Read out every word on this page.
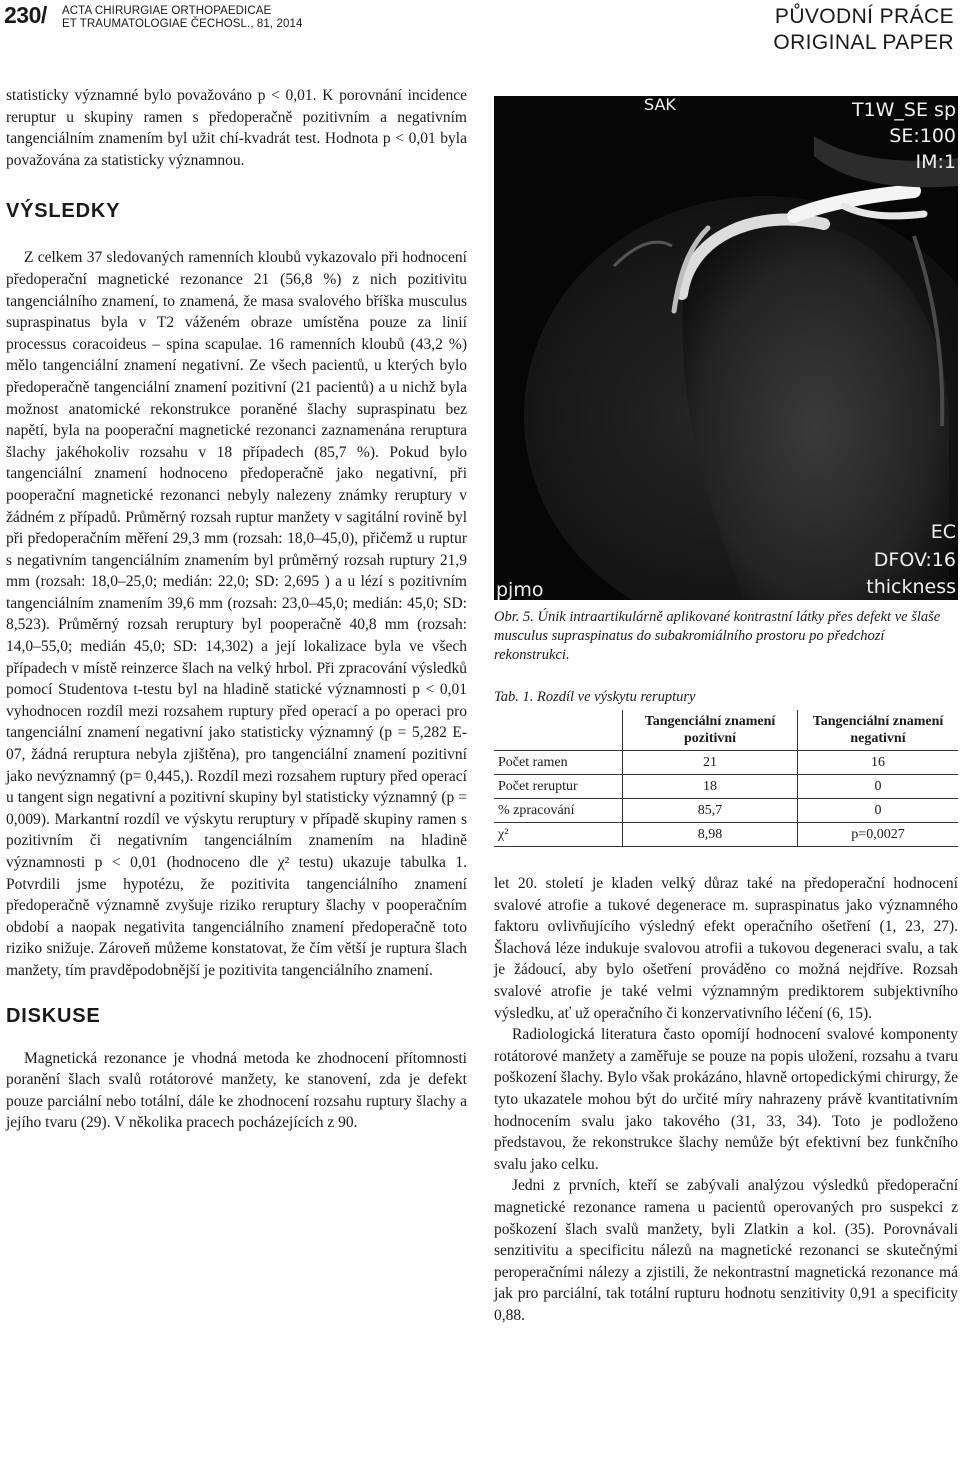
230/ ACTA CHIRURGIAE ORTHOPAEDICAE
ET TRAUMATOLOGIAE ČECHOSL., 81, 2014	PŮVODNÍ PRÁCE
ORIGINAL PAPER

statisticky významné bylo považováno p < 0,01. K porovnání incidence reruptur u skupiny ramen s předoperačně pozitivním a negativním tangenciálním znamením byl užit chí-kvadrát test. Hodnota p < 0,01 byla považována za statisticky významnou.

VÝSLEDKY

Z celkem 37 sledovaných ramenních kloubů vykazovalo při hodnocení předoperační magnetické rezonance 21 (56,8 %) z nich pozitivitu tangenciálního znamení, to znamená, že masa svalového bříška musculus supraspinatus byla v T2 váženém obraze umístěna pouze za linií processus coracoideus – spina scapulae. 16 ramenních kloubů (43,2 %) mělo tangenciální znamení negativní. Ze všech pacientů, u kterých bylo předoperačně tangenciální znamení pozitivní (21 pacientů) a u nichž byla možnost anatomické rekonstrukce poraněné šlachy supraspinatu bez napětí, byla na pooperační magnetické rezonanci zaznamenána reruptura šlachy jakéhokoliv rozsahu v 18 případech (85,7 %). Pokud bylo tangenciální znamení hodnoceno předoperačně jako negativní, při pooperační magnetické rezonanci nebyly nalezeny známky reruptury v žádném z případů. Průměrný rozsah ruptur manžety v sagitální rovině byl při předoperačním měření 29,3 mm (rozsah: 18,0–45,0), přičemž u ruptur s negativním tangenciálním znamením byl průměrný rozsah ruptury 21,9 mm (rozsah: 18,0–25,0; medián: 22,0; SD: 2,695 ) a u lézí s pozitivním tangenciálním znamením 39,6 mm (rozsah: 23,0–45,0; medián: 45,0; SD: 8,523). Průměrný rozsah reruptury byl pooperačně 40,8 mm (rozsah: 14,0–55,0; medián 45,0; SD: 14,302) a její lokalizace byla ve všech případech v místě reinzerce šlach na velký hrbol. Při zpracování výsledků pomocí Studentova t-testu byl na hladině statické významnosti p < 0,01 vyhodnocen rozdíl mezi rozsahem ruptury před operací a po operaci pro tangenciální znamení negativní jako statisticky významný (p = 5,282 E-07, žádná reruptura nebyla zjištěna), pro tangenciální znamení pozitivní jako nevýznamný (p= 0,445,). Rozdíl mezi rozsahem ruptury před operací u tangent sign negativní a pozitivní skupiny byl statisticky významný (p = 0,009). Markantní rozdíl ve výskytu reruptury v případě skupiny ramen s pozitivním či negativním tangenciálním znamením na hladině významnosti p < 0,01 (hodnoceno dle χ² testu) ukazuje tabulka 1. Potvrdili jsme hypotézu, že pozitivita tangenciálního znamení předoperačně významně zvyšuje riziko reruptury šlachy v pooperačním období a naopak negativita tangenciálního znamení předoperačně toto riziko snižuje. Zároveň můžeme konstatovat, že čím větší je ruptura šlach manžety, tím pravděpodobnější je pozitivita tangenciálního znamení.

DISKUSE

Magnetická rezonance je vhodná metoda ke zhodnocení přítomnosti poranění šlach svalů rotátorové manžety, ke stanovení, zda je defekt pouze parciální nebo totální, dále ke zhodnocení rozsahu ruptury šlachy a jejího tvaru (29). V několika pracech pocházejících z 90.

SAK	T1W_SE sp
SE:100
IM:1
pjmo
EC
DFOV:16
thickness
Obr. 5. Únik intraartikulárně aplikované kontrastní látky přes defekt ve šlaše musculus supraspinatus do subakromiálního prostoru po předchozí rekonstrukci.
Tab. 1. Rozdíl ve výskytu reruptury
	Tangenciální znamení pozitivní	Tangenciální znamení negativní
Počet ramen	21	16
Počet reruptur	18	0
% zpracování	85,7	0
χ²	8,98	p=0,0027

let 20. století je kladen velký důraz také na předoperační hodnocení svalové atrofie a tukové degenerace m. supraspinatus jako významného faktoru ovlivňujícího výsledný efekt operačního ošetření (1, 23, 27). Šlachová léze indukuje svalovou atrofii a tukovou degeneraci svalu, a tak je žádoucí, aby bylo ošetření prováděno co možná nejdříve. Rozsah svalové atrofie je také velmi významným prediktorem subjektivního výsledku, ať už operačního či konzervativního léčení (6, 15).

Radiologická literatura často opomíjí hodnocení svalové komponenty rotátorové manžety a zaměřuje se pouze na popis uložení, rozsahu a tvaru poškození šlachy. Bylo však prokázáno, hlavně ortopedickými chirurgy, že tyto ukazatele mohou být do určité míry nahrazeny právě kvantitativním hodnocením svalu jako takového (31, 33, 34). Toto je podloženo představou, že rekonstrukce šlachy nemůže být efektivní bez funkčního svalu jako celku.

Jedni z prvních, kteří se zabývali analýzou výsledků předoperační magnetické rezonance ramena u pacientů operovaných pro suspekci z poškození šlach svalů manžety, byli Zlatkin a kol. (35). Porovnávali senzitivitu a specificitu nálezů na magnetické rezonanci se skutečnými peroperačními nálezy a zjistili, že nekontrastní magnetická rezonance má jak pro parciální, tak totální rupturu hodnotu senzitivity 0,91 a specificity 0,88.
